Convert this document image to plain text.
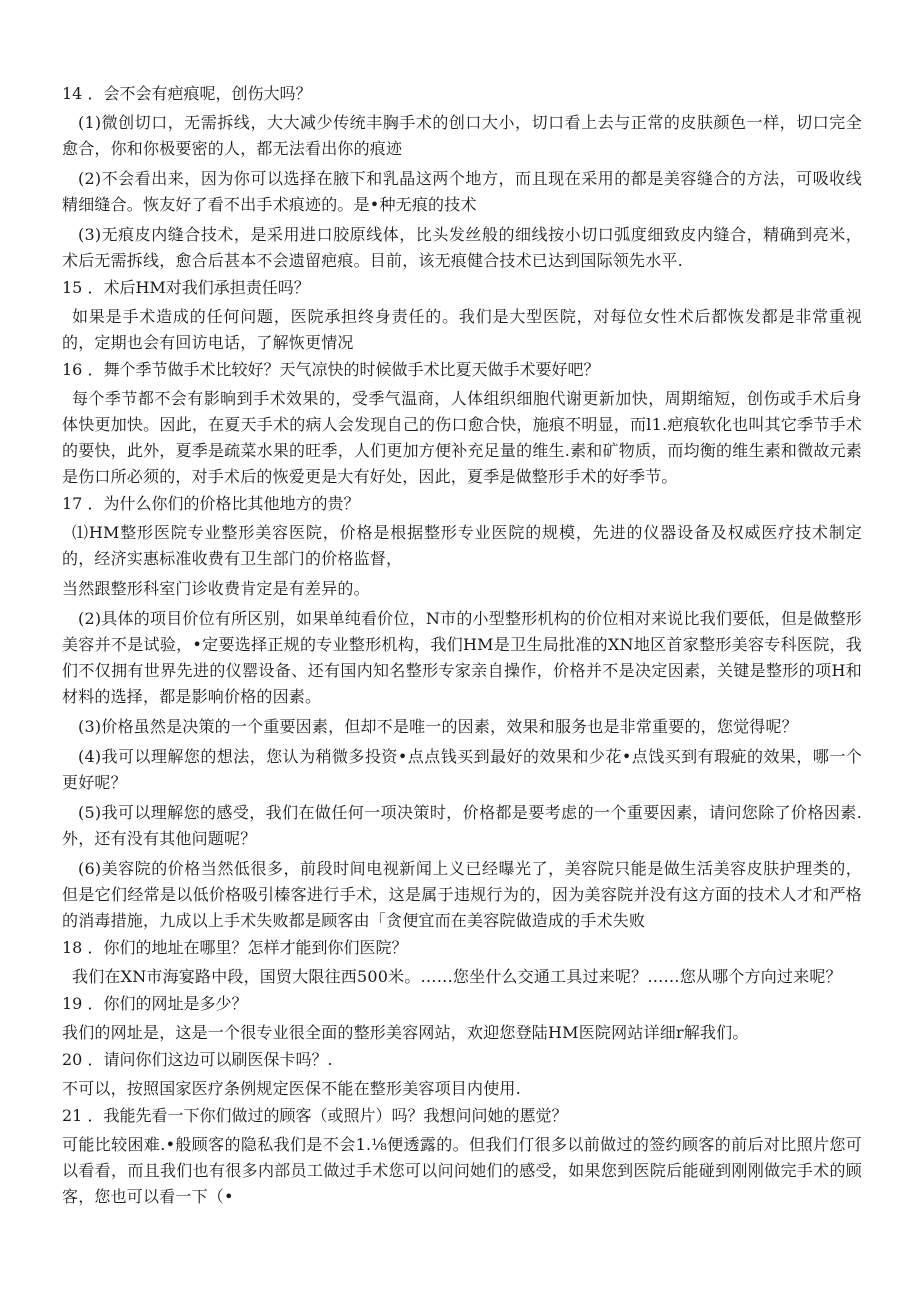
14 ．会不会有疤痕呢，创伤大吗？
(1)微创切口，无需拆线，大大减少传统丰胸手术的创口大小，切口看上去与正常的皮肤颜色一样，切口完全愈合，你和你极要密的人，都无法看出你的痕迹
(2)不会看出来，因为你可以选择在腋下和乳晶这两个地方，而且现在采用的都是美容缝合的方法，可吸收线精细缝合。恢友好了看不出手术痕迹的。是•种无痕的技术
(3)无痕皮内缝合技术，是采用进口胶原线体，比头发丝般的细线按小切口弧度细致皮内缝合，精确到亮米，术后无需拆线，愈合后甚本不会遗留疤痕。目前，该无痕健合技术已达到国际领先水平.
15 ．术后HM对我们承担责任吗？
如果是手术造成的任何问题，医院承担终身责任的。我们是大型医院，对每位女性术后都恢发都是非常重视的，定期也会有回访电话，了解恢更情况
16 ．舞个季节做手术比较好？天气凉快的时候做手术比夏天做手术要好吧？
每个季节都不会有影晌到手术效果的，受季气温商，人体组织细胞代谢更新加快，周期缩短，创伤或手术后身体快更加快。因此，在夏天手术的病人会发现自己的伤口愈合快，施痕不明显，而l1.疤痕软化也叫其它季节手术的要快，此外，夏季是疏菜水果的旺季，人们更加方便补充足量的维生.素和矿物质，而均衡的维生素和微故元素是伤口所必须的，对手术后的恢爱更是大有好处，因此，夏季是做整形手术的好季节。
17 ．为什么你们的价格比其他地方的贵？
⑴HM整形医院专业整形美容医院，价格是根据整形专业医院的规模，先进的仪器设备及权威医疗技术制定的，经济实惠标准收费有卫生部门的价格监督，
当然跟整形科室门诊收费肯定是有差异的。
(2)具体的项目价位有所区别，如果单纯看价位，N市的小型整形机构的价位相对来说比我们要低，但是做整形美容并不是试验，•定要选择正规的专业整形机构，我们HM是卫生局批准的XN地区首家整形美容专科医院，我们不仅拥有世界先进的仪罂设备、还有国内知名整形专家亲自操作，价格并不是决定因素，关键是整形的项H和材料的选择，都是影响价格的因素。
(3)价格虽然是决策的一个重要因素，但却不是唯一的因素，效果和服务也是非常重要的，您觉得呢？
(4)我可以理解您的想法，您认为稍微多投资•点点钱买到最好的效果和少花•点饯买到有瑕疵的效果，哪一个更好呢？
(5)我可以理解您的感受，我们在做任何一项决策时，价格都是要考虑的一个重要因素，请问您除了价格因素.外，还有没有其他问题呢？
(6)美容院的价格当然低很多，前段时间电视新闻上义已经曝光了，美容院只能是做生活美容皮肤护理类的，但是它们经常是以低价格吸引榛客进行手术，这是属于违规行为的，因为美容院并没有这方面的技术人才和严格的消毒措施，九成以上手术失败都是顾客由「贪便宜而在美容院做造成的手术失败
18 ．你们的地址在哪里？怎样才能到你们医院？
我们在XN市海宴路中段，国贸大限往西500米。……您坐什么交通工具过来呢？……您从哪个方向过来呢？
19 ．你们的网址是多少？
我们的网址是，这是一个很专业很全面的整形美容网站，欢迎您登陆HM医院网站详细r解我们。
20 ．请问你们这边可以刷医保卡吗？.
不可以，按照国家医疗条例规定医保不能在整形美容项目内使用.
21 ．我能先看一下你们做过的顾客（或照片）吗？我想问问她的慝觉？
可能比较困难.•般顾客的隐私我们是不会1.⅛便透露的。但我们仃很多以前做过的签约顾客的前后对比照片您可以看看，而且我们也有很多内部员工做过手术您可以问问她们的感受，如果您到医院后能碰到刚刚做完手术的顾客，您也可以看一下（•
